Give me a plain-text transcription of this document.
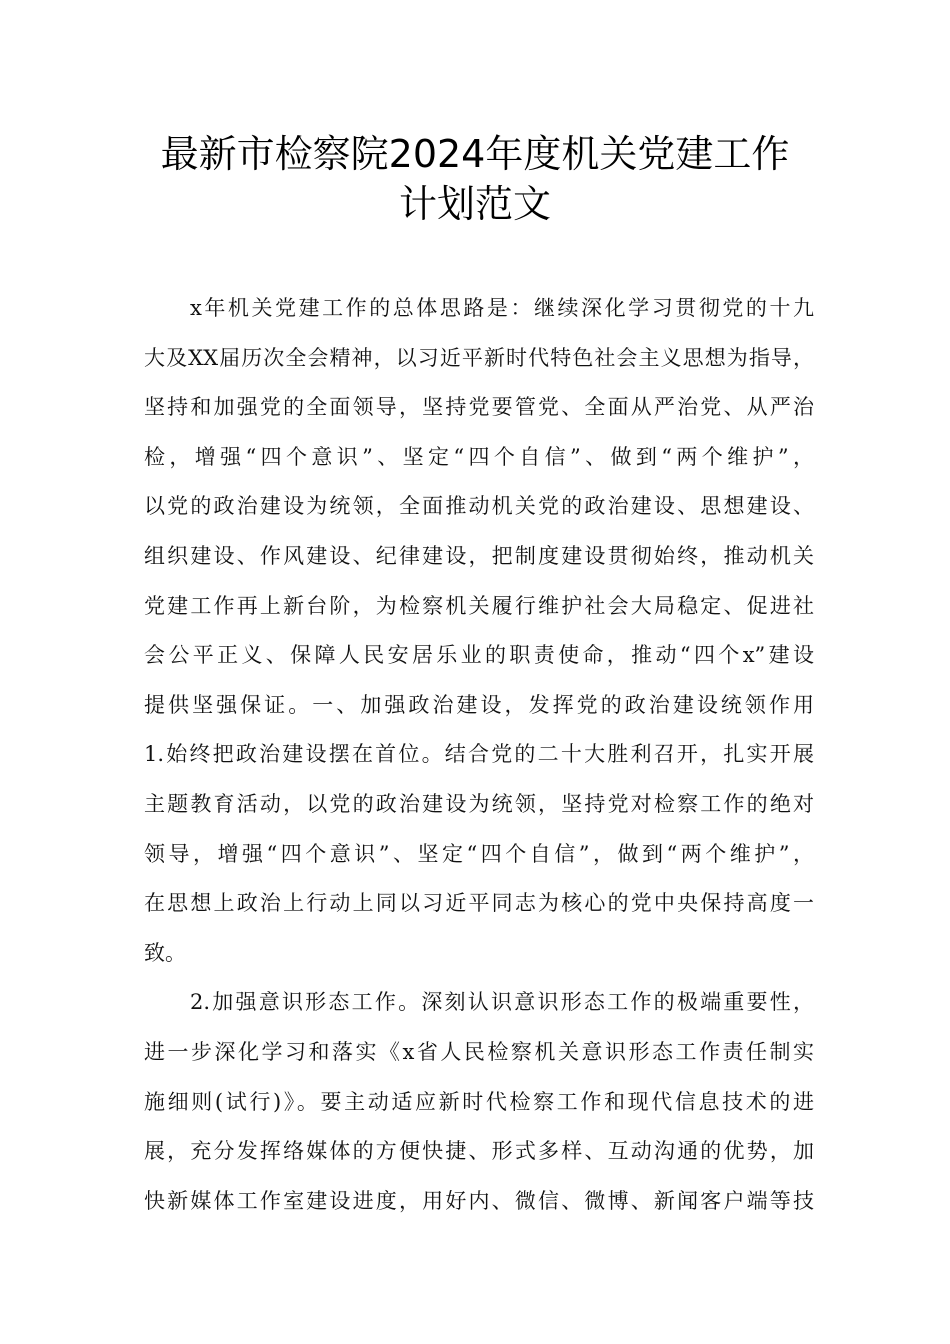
最新市检察院2024年度机关党建工作
计划范文
x年机关党建工作的总体思路是：继续深化学习贯彻党的十九
大及XX届历次全会精神，以习近平新时代特色社会主义思想为指导，
坚持和加强党的全面领导，坚持党要管党、全面从严治党、从严治
检，增强“四个意识”、坚定“四个自信”、做到“两个维护”，
以党的政治建设为统领，全面推动机关党的政治建设、思想建设、
组织建设、作风建设、纪律建设，把制度建设贯彻始终，推动机关
党建工作再上新台阶，为检察机关履行维护社会大局稳定、促进社
会公平正义、保障人民安居乐业的职责使命，推动“四个x”建设
提供坚强保证。一、加强政治建设，发挥党的政治建设统领作用
1.始终把政治建设摆在首位。结合党的二十大胜利召开，扎实开展
主题教育活动，以党的政治建设为统领，坚持党对检察工作的绝对
领导，增强“四个意识”、坚定“四个自信”，做到“两个维护”，
在思想上政治上行动上同以习近平同志为核心的党中央保持高度一
致。
2.加强意识形态工作。深刻认识意识形态工作的极端重要性，
进一步深化学习和落实《x省人民检察机关意识形态工作责任制实
施细则(试行)》。要主动适应新时代检察工作和现代信息技术的进
展，充分发挥络媒体的方便快捷、形式多样、互动沟通的优势，加
快新媒体工作室建设进度，用好内、微信、微博、新闻客户端等技
